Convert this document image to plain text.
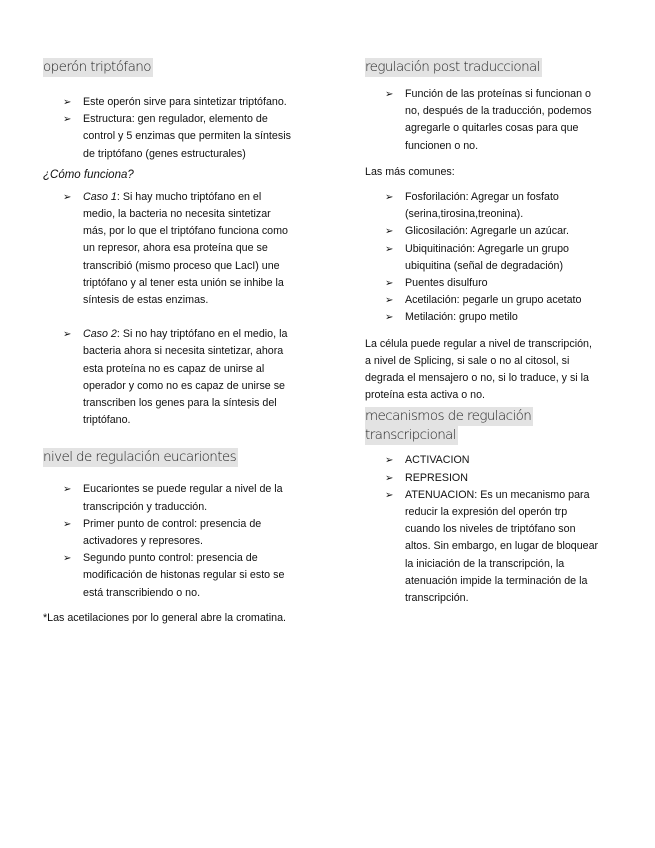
operón triptófano
➢ Este operón sirve para sintetizar triptófano.
➢ Estructura: gen regulador, elemento de control y 5 enzimas que permiten la síntesis de triptófano (genes estructurales)
¿Cómo funciona?
➢ Caso 1: Si hay mucho triptófano en el medio, la bacteria no necesita sintetizar más, por lo que el triptófano funciona como un represor, ahora esa proteína que se transcribió (mismo proceso que LacI) une triptófano y al tener esta unión se inhibe la síntesis de estas enzimas.
➢ Caso 2: Si no hay triptófano en el medio, la bacteria ahora si necesita sintetizar, ahora esta proteína no es capaz de unirse al operador y como no es capaz de unirse se transcriben los genes para la síntesis del triptófano.
nivel de regulación eucariontes
➢ Eucariontes se puede regular a nivel de la transcripción y traducción.
➢ Primer punto de control: presencia de activadores y represores.
➢ Segundo punto control: presencia de modificación de histonas regular si esto se está transcribiendo o no.

*Las acetilaciones por lo general abre la cromatina.

regulación post traduccional
➢ Función de las proteínas si funcionan o no, después de la traducción, podemos agregarle o quitarles cosas para que funcionen o no.

Las más comunes:

➢ Fosforilación: Agregar un fosfato (serina,tirosina,treonina).
➢ Glicosilación: Agregarle un azúcar.
➢ Ubiquitinación: Agregarle un grupo ubiquitina (señal de degradación)
➢ Puentes disulfuro
➢ Acetilación: pegarle un grupo acetato
➢ Metilación: grupo metilo

La célula puede regular a nivel de transcripción, a nivel de Splicing, si sale o no al citosol, si degrada el mensajero o no, si lo traduce, y si la proteína esta activa o no.

mecanismos de regulación
transcripcional
➢ ACTIVACION
➢ REPRESION
➢ ATENUACION: Es un mecanismo para reducir la expresión del operón trp cuando los niveles de triptófano son altos. Sin embargo, en lugar de bloquear la iniciación de la transcripción, la atenuación impide la terminación de la transcripción.
